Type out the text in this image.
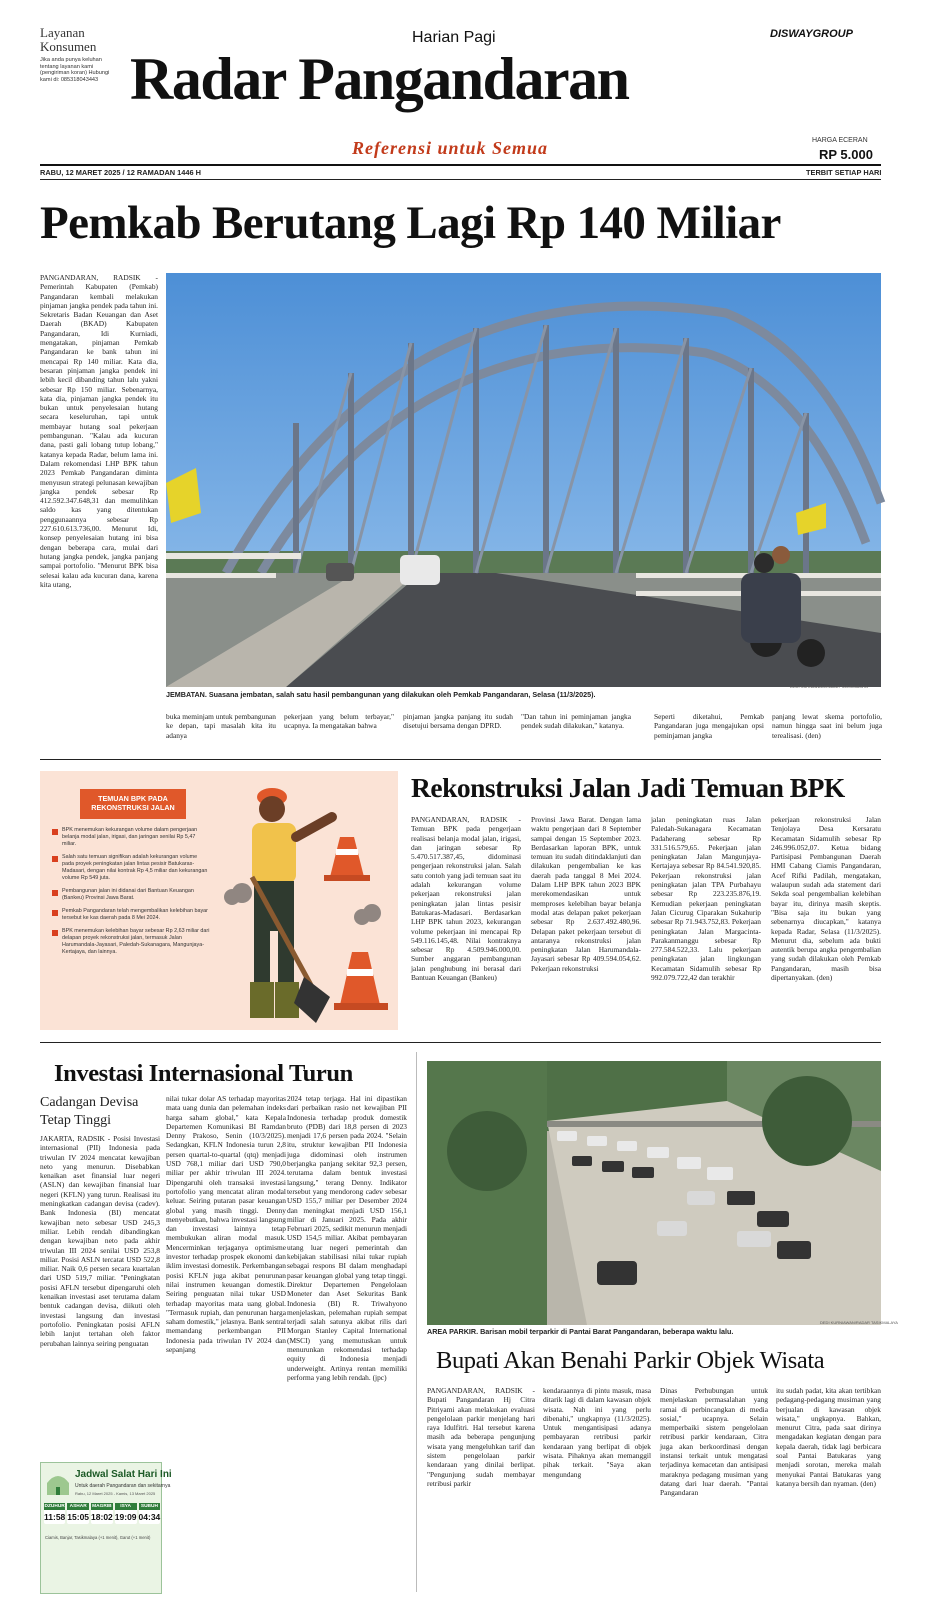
Layanan Konsumen
Jika anda punya keluhan tentang layanan kami (pengiriman koran) Hubungi kami di: 085318043443
Harian Pagi
Radar Pangandaran
Referensi untuk Semua
DISWAYGROUP
HARGA ECERAN
RP 5.000
RABU, 12 MARET 2025 / 12 RAMADAN 1446 H	TERBIT SETIAP HARI
Pemkab Berutang Lagi Rp 140 Miliar
PANGANDARAN, RADSIK - Pemerintah Kabupaten (Pemkab) Pangandaran kembali melakukan pinjaman jangka pendek pada tahun ini. Sekretaris Badan Keuangan dan Aset Daerah (BKAD) Kabupaten Pangandaran, Idi Kurniadi, mengatakan, pinjaman Pemkab Pangandaran ke bank tahun ini mencapai Rp 140 miliar. Kata dia, besaran pinjaman jangka pendek ini lebih kecil dibanding tahun lalu yakni sebesar Rp 150 miliar. Sebenarnya, kata dia, pinjaman jangka pendek itu bukan untuk penyelesaian hutang secara keseluruhan, tapi untuk membayar hutang soal pekerjaan pembangunan. "Kalau ada kucuran dana, pasti gali lobang tutup lobang," katanya kepada Radar, belum lama ini. Dalam rekomendasi LHP BPK tahun 2023 Pemkab Pangandaran diminta menyusun strategi pelunasan kewajiban jangka pendek sebesar Rp 412.592.347.648,31 dan memulihkan saldo kas yang ditentukan penggunaannya sebesar Rp 227.610.613.736,00. Menurut Idi, konsep penyelesaian hutang ini bisa dengan beberapa cara, mulai dari hutang jangka pendek, jangka panjang sampai portofolio. "Menurut BPK bisa selesai kalau ada kucuran dana, karena kita utang,
JEMBATAN. Suasana jembatan, salah satu hasil pembangunan yang dilakukan oleh Pemkab Pangandaran, Selasa (11/3/2025).
DEDI KURNIAWAN/RADAR TASIKMALAYA
buka meminjam untuk pembangunan ke depan, tapi masalah kita itu adanya
pekerjaan yang belum terbayar," ucapnya. Ia mengatakan bahwa
pinjaman jangka panjang itu sudah disetujui bersama dengan DPRD.
"Dan tahun ini peminjaman jangka pendek sudah dilakukan," katanya.
Seperti diketahui, Pemkab Pangandaran juga mengajukan opsi peminjaman jangka
panjang lewat skema portofolio, namun hingga saat ini belum juga terealisasi. (den)
TEMUAN BPK PADA REKONSTRUKSI JALAN
BPK menemukan kekurangan volume dalam pengerjaan belanja modal jalan, irigasi, dan jaringan senilai Rp 5,47 miliar.
Salah satu temuan signifikan adalah kekurangan volume pada proyek peningkatan jalan lintas pesisir Batukaras-Madasari, dengan nilai kontrak Rp 4,5 miliar dan kekurangan volume Rp 549 juta.
Pembangunan jalan ini didanai dari Bantuan Keuangan (Bankeu) Provinsi Jawa Barat.
Pemkab Pangandaran telah mengembalikan kelebihan bayar tersebut ke kas daerah pada 8 Mei 2024.
BPK menemukan kelebihan bayar sebesar Rp 2,63 miliar dari delapan proyek rekonstruksi jalan, termasuk Jalan Harumandala-Jayasari, Paledah-Sukanagara, Mangunjaya-Kertajaya, dan lainnya.
Rekonstruksi Jalan Jadi Temuan BPK
PANGANDARAN, RADSIK - Temuan BPK pada pengerjaan realisasi belanja modal jalan, irigasi, dan jaringan sebesar Rp 5.470.517.387,45, didominasi pengerjaan rekonstruksi jalan. Salah satu contoh yang jadi temuan saat itu adalah kekurangan volume pekerjaan rekonstruksi jalan peningkatan jalan lintas pesisir Batukaras-Madasari. Berdasarkan LHP BPK tahun 2023, kekurangan volume pekerjaan ini mencapai Rp 549.116.145,48. Nilai kontraknya sebesar Rp 4.509.946.000,00. Sumber anggaran pembangunan jalan penghubung ini berasal dari Bantuan Keuangan (Bankeu)
Provinsi Jawa Barat. Dengan lama waktu pengerjaan dari 8 September sampai dengan 15 September 2023. Berdasarkan laporan BPK, untuk temuan itu sudah ditindaklanjuti dan dilakukan pengembalian ke kas daerah pada tanggal 8 Mei 2024. Dalam LHP BPK tahun 2023 BPK merekomendasikan untuk memproses kelebihan bayar belanja modal atas delapan paket pekerjaan sebesar Rp 2.637.492.480,96. Delapan paket pekerjaan tersebut di antaranya rekonstruksi jalan peningkatan Jalan Harumandala-Jayasari sebesar Rp 409.594.054,62. Pekerjaan rekonstruksi
jalan peningkatan ruas Jalan Paledah-Sukanagara Kecamatan Padaherang sebesar Rp 331.516.579,65. Pekerjaan jalan peningkatan Jalan Mangunjaya-Kertajaya sebesar Rp 84.541.920,85. Pekerjaan rekonstruksi jalan peningkatan jalan TPA Purbahayu sebesar Rp 223.235.876,19. Kemudian pekerjaan peningkatan Jalan Cicurug Ciparakan Sukahurip sebesar Rp 71.943.752,83. Pekerjaan peningkatan Jalan Margacinta-Parakanmanggu sebesar Rp 277.584.522,33. Lalu pekerjaan peningkatan jalan lingkungan Kecamatan Sidamulih sebesar Rp 992.079.722,42 dan terakhir
pekerjaan rekonstruksi Jalan Tenjolaya Desa Kersaratu Kecamatan Sidamulih sebesar Rp 246.996.052,07. Ketua bidang Partisipasi Pembangunan Daerah HMI Cabang Ciamis Pangandaran, Acef Rifki Padilah, mengatakan, walaupun sudah ada statement dari Sekda soal pengembalian kelebihan bayar itu, dirinya masih skeptis. "Bisa saja itu bukan yang sebenarnya diucapkan," katanya kepada Radar, Selasa (11/3/2025). Menurut dia, sebelum ada bukti autentik berupa angka pengembalian yang sudah dilakukan oleh Pemkab Pangandaran, masih bisa dipertanyakan. (den)
Investasi Internasional Turun
Cadangan Devisa Tetap Tinggi
JAKARTA, RADSIK - Posisi Investasi internasional (PII) Indonesia pada triwulan IV 2024 mencatat kewajiban neto yang menurun. Disebabkan kenaikan aset finansial luar negeri (ASLN) dan kewajiban finansial luar negeri (KFLN) yang turun. Realisasi itu meningkatkan cadangan devisa (cadev). Bank Indonesia (BI) mencatat kewajiban neto sebesar USD 245,3 miliar. Lebih rendah dibandingkan dengan kewajiban neto pada akhir triwulan III 2024 senilai USD 253,8 miliar. Posisi ASLN tercatat USD 522,8 miliar. Naik 0,6 persen secara kuartalan dari USD 519,7 miliar. "Peningkatan posisi AFLN tersebut dipengaruhi oleh kenaikan investasi aset terutama dalam bentuk cadangan devisa, diikuti oleh investasi langsung dan investasi portofolio. Peningkatan posisi AFLN lebih lanjut tertahan oleh faktor perubahan lainnya seiring penguatan
nilai tukar dolar AS terhadap mayoritas mata uang dunia dan pelemahan indeks harga saham global," kata Kepala Departemen Komunikasi BI Ramdan Denny Prakoso, Senin (10/3/2025). Sedangkan, KFLN Indonesia turun 2,8 persen quartal-to-quartal (qtq) menjadi USD 768,1 miliar dari USD 790,0 miliar per akhir triwulan III 2024. Dipengaruhi oleh transaksi investasi portofolio yang mencatat aliran modal keluar. Seiring putaran pasar keuangan global yang masih tinggi. Denny menyebutkan, bahwa investasi langsung dan investasi lainnya tetap membukukan aliran modal masuk. Mencerminkan terjaganya optimisme investor terhadap prospek ekonomi dan iklim investasi domestik. Perkembangan posisi KFLN juga akibat penurunan nilai instrumen keuangan domestik. Seiring penguatan nilai tukar USD terhadap mayoritas mata uang global. "Termasuk rupiah, dan penurunan harga saham domestik," jelasnya. Bank sentral memandang perkembangan PII Indonesia pada triwulan IV 2024 dan sepanjang
2024 tetap terjaga. Hal ini dipastikan dari perbaikan rasio net kewajiban PII Indonesia terhadap produk domestik bruto (PDB) dari 18,8 persen di 2023 menjadi 17,6 persen pada 2024. "Selain itu, struktur kewajiban PII Indonesia juga didominasi oleh instrumen berjangka panjang sekitar 92,3 persen, terutama dalam bentuk investasi langsung," terang Denny. Indikator tersebut yang mendorong cadev sebesar USD 155,7 miliar per Desember 2024 dan meningkat menjadi USD 156,1 miliar di Januari 2025. Pada akhir Februari 2025, sedikit menurun menjadi USD 154,5 miliar. Akibat pembayaran utang luar negeri pemerintah dan kebijakan stabilisasi nilai tukar rupiah sebagai respons BI dalam menghadapi pasar keuangan global yang tetap tinggi. Direktur Departemen Pengelolaan Moneter dan Aset Sekuritas Bank Indonesia (BI) R. Triwahyono menjelaskan, pelemahan rupiah sempat terjadi salah satunya akibat rilis dari Morgan Stanley Capital International (MSCI) yang memutuskan untuk menurunkan rekomendasi terhadap equity di Indonesia menjadi underweight. Artinya rentan memiliki performa yang lebih rendah. (jpc)
Jadwal Salat Hari Ini
Untuk daerah Pangandaran dan sekitarnya
Rabu, 12 Maret 2025 - Kamis, 13 Maret 2025
DZUHUR
11:58
ASHAR
15:05
MAGRIB
18:02
ISYA
19:09
SUBUH
04:34
Ciamis, Banjar, Tasikmalaya (+1 menit), Garut (+1 menit)
AREA PARKIR. Barisan mobil terparkir di Pantai Barat Pangandaran, beberapa waktu lalu.
DEDI KURNIAWAN/RADAR TASIKMALAYA
Bupati Akan Benahi Parkir Objek Wisata
PANGANDARAN, RADSIK - Bupati Pangandaran Hj Citra Pitriyami akan melakukan evaluasi pengelolaan parkir menjelang hari raya Idulfitri. Hal tersebut karena masih ada beberapa pengunjung wisata yang mengeluhkan tarif dan sistem pengelolaan parkir kendaraan yang dinilai berlipat. "Pengunjung sudah membayar retribusi parkir
kendaraannya di pintu masuk, masa ditarik lagi di dalam kawasan objek wisata. Nah ini yang perlu dibenahi," ungkapnya (11/3/2025). Untuk mengantisipasi adanya pembayaran retribusi parkir kendaraan yang berlipat di objek wisata. Pihaknya akan memanggil pihak terkait. "Saya akan mengundang
Dinas Perhubungan untuk menjelaskan permasalahan yang ramai di perbincangkan di media sosial," ucapnya. Selain memperbaiki sistem pengelolaan retribusi parkir kendaraan, Citra juga akan berkoordinasi dengan instansi terkait untuk mengatasi terjadinya kemacetan dan antisipasi maraknya pedagang musiman yang datang dari luar daerah. "Pantai Pangandaran
itu sudah padat, kita akan tertibkan pedagang-pedagang musiman yang berjualan di kawasan objek wisata," ungkapnya. Bahkan, menurut Citra, pada saat dirinya mengadakan kegiatan dengan para kepala daerah, tidak lagi berbicara soal Pantai Batukaras yang menjadi sorotan, mereka malah menyukai Pantai Batukaras yang katanya bersih dan nyaman. (den)
